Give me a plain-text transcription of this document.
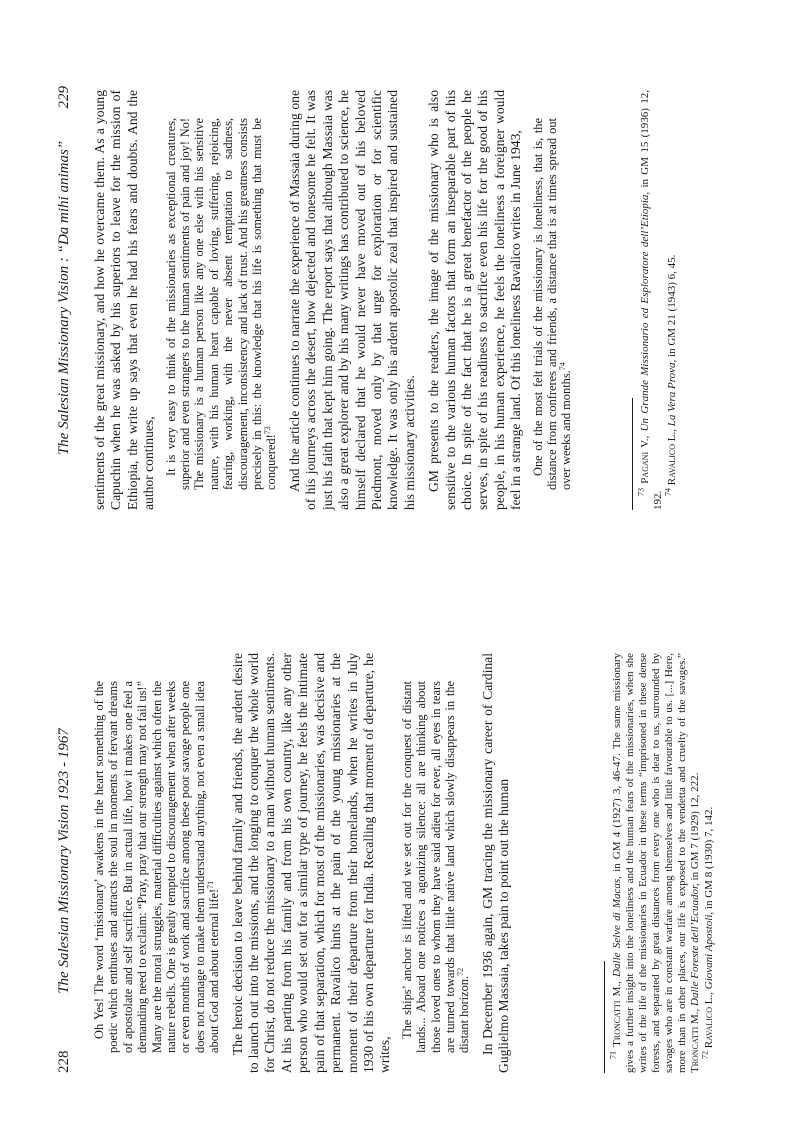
228
The Salesian Missionary Vision 1923 - 1967 Oh Yes! The word ‘missionary’ awakens in the heart something of the poetic which enthuses and attracts the soul in moments of fervant dreams of apostolate and self sacrifice. But in actual life, how it makes one feel a demanding need to exclaim: “Pray, pray that our strength may not fail us!” Many are the moral struggles, material difficulties against which often the nature rebells. One is greatly tempted to discouragement when after weeks or even months of work and sacrifice among these poor savage people one does not manage to make them understand anything, not even a small idea about God and about eternal life!$^{71}$	The heroic decision to leave behind family and friends, the ardent desire to launch out into the missions, and the longing to conquer the whole world for Christ, do not reduce the missionary to a man without human sentiments. At his parting from his family and from his own country, like any other person who would set out for a similar type of journey, he feels the intimate pain of that separation, which for most of the missionaries, was decisive and permanent. Ravalico hints at the pain of the young missionaries at the moment of their departure from their homelands, when he writes in July 1930 of his own departure for India. Recalling that moment of departure, he writes,

The ships’ anchor is lifted and we set out for the conquest of distant lands... Aboard one notices a agonizing silence: all are thinking about those loved ones to whom they have said adieu for ever, all eyes in tears are turned towards that little native land which slowly disappears in the distant horizon.$^{72}$	In December 1936 again, GM tracing the missionary career of Cardinal Guglielmo Massaia, takes pain to point out the human	$^{71}$ Troncatti M., Dalle Selve di Macas, in GM 4 (1927) 3, 46-47. The same missionary gives a further insight into the loneliness and the human fears of the missionaries, when she writes of the life of the missionaries in Ecuador in these terms “imprisoned in these dense forests, and separated by great distances from every one who is dear to us, surrounded by savages who are in constant warfare among themselves and little favourable to us. [...] Here, more than in other places, our life is exposed to the vendetta and cruelty of the savages.” Troncatti M., Dalle Foreste dell’Ecuador, in GM 7 (1929) 12, 222.

$^{72}$ Ravalico L., Giovani Apostoli, in GM 8 (1930) 7, 142.

The Salesian Missionary Vision : “Da mihi animas”
229 sentiments of the great missionary, and how he overcame them. As a young Capuchin when he was asked by his superiors to leave for the mission of Ethiopia, the write up says that even he had his fears and doubts. And the author continues, It is very easy to think of the missionaries as exceptional creatures, superior and even strangers to the human sentiments of pain and joy! No! The missionary is a human person like any one else with his sensitive nature, with his human heart capable of loving, suffering, rejoicing, fearing, working, with the never absent temptation to sadness, discouragement, inconsistency and lack of trust. And his greatness consists precisely in this: the knowledge that his life is something that must be conquered!$^{73}$	And the article continues to narrate the experience of Massaia during one of his journeys across the desert, how dejected and lonesome he felt. It was just his faith that kept him going. The report says that although Massaia was also a great explorer and by his many writings has contributed to science, he himself declared that he would never have moved out of his beloved Piedmont, moved only by that urge for exploration or for scientific knowledge. It was only his ardent apostolic zeal that inspired and sustained his missionary activities. GM presents to the readers, the image of the missionary who is also sensitive to the various human factors that form an inseparable part of his choice. In spite of the fact that he is a great benefactor of the people he serves, in spite of his readiness to sacrifice even his life for the good of his people, in his human experience, he feels the loneliness a foreigner would feel in a strange land. Of this loneliness Ravalico writes in June 1943, One of the most felt trials of the missionary is loneliness, that is, the distance from confreres and friends, a distance that is at times spread out over weeks and months.$^{74}$

$^{73}$ Pagani V., Un Grande Missionario ed Esploratore dell’Etiopia, in GM 15 (1936) 12, 192. $^{74}$ Ravalico L., La Vera Prova, in GM 21 (1943) 6, 45.
